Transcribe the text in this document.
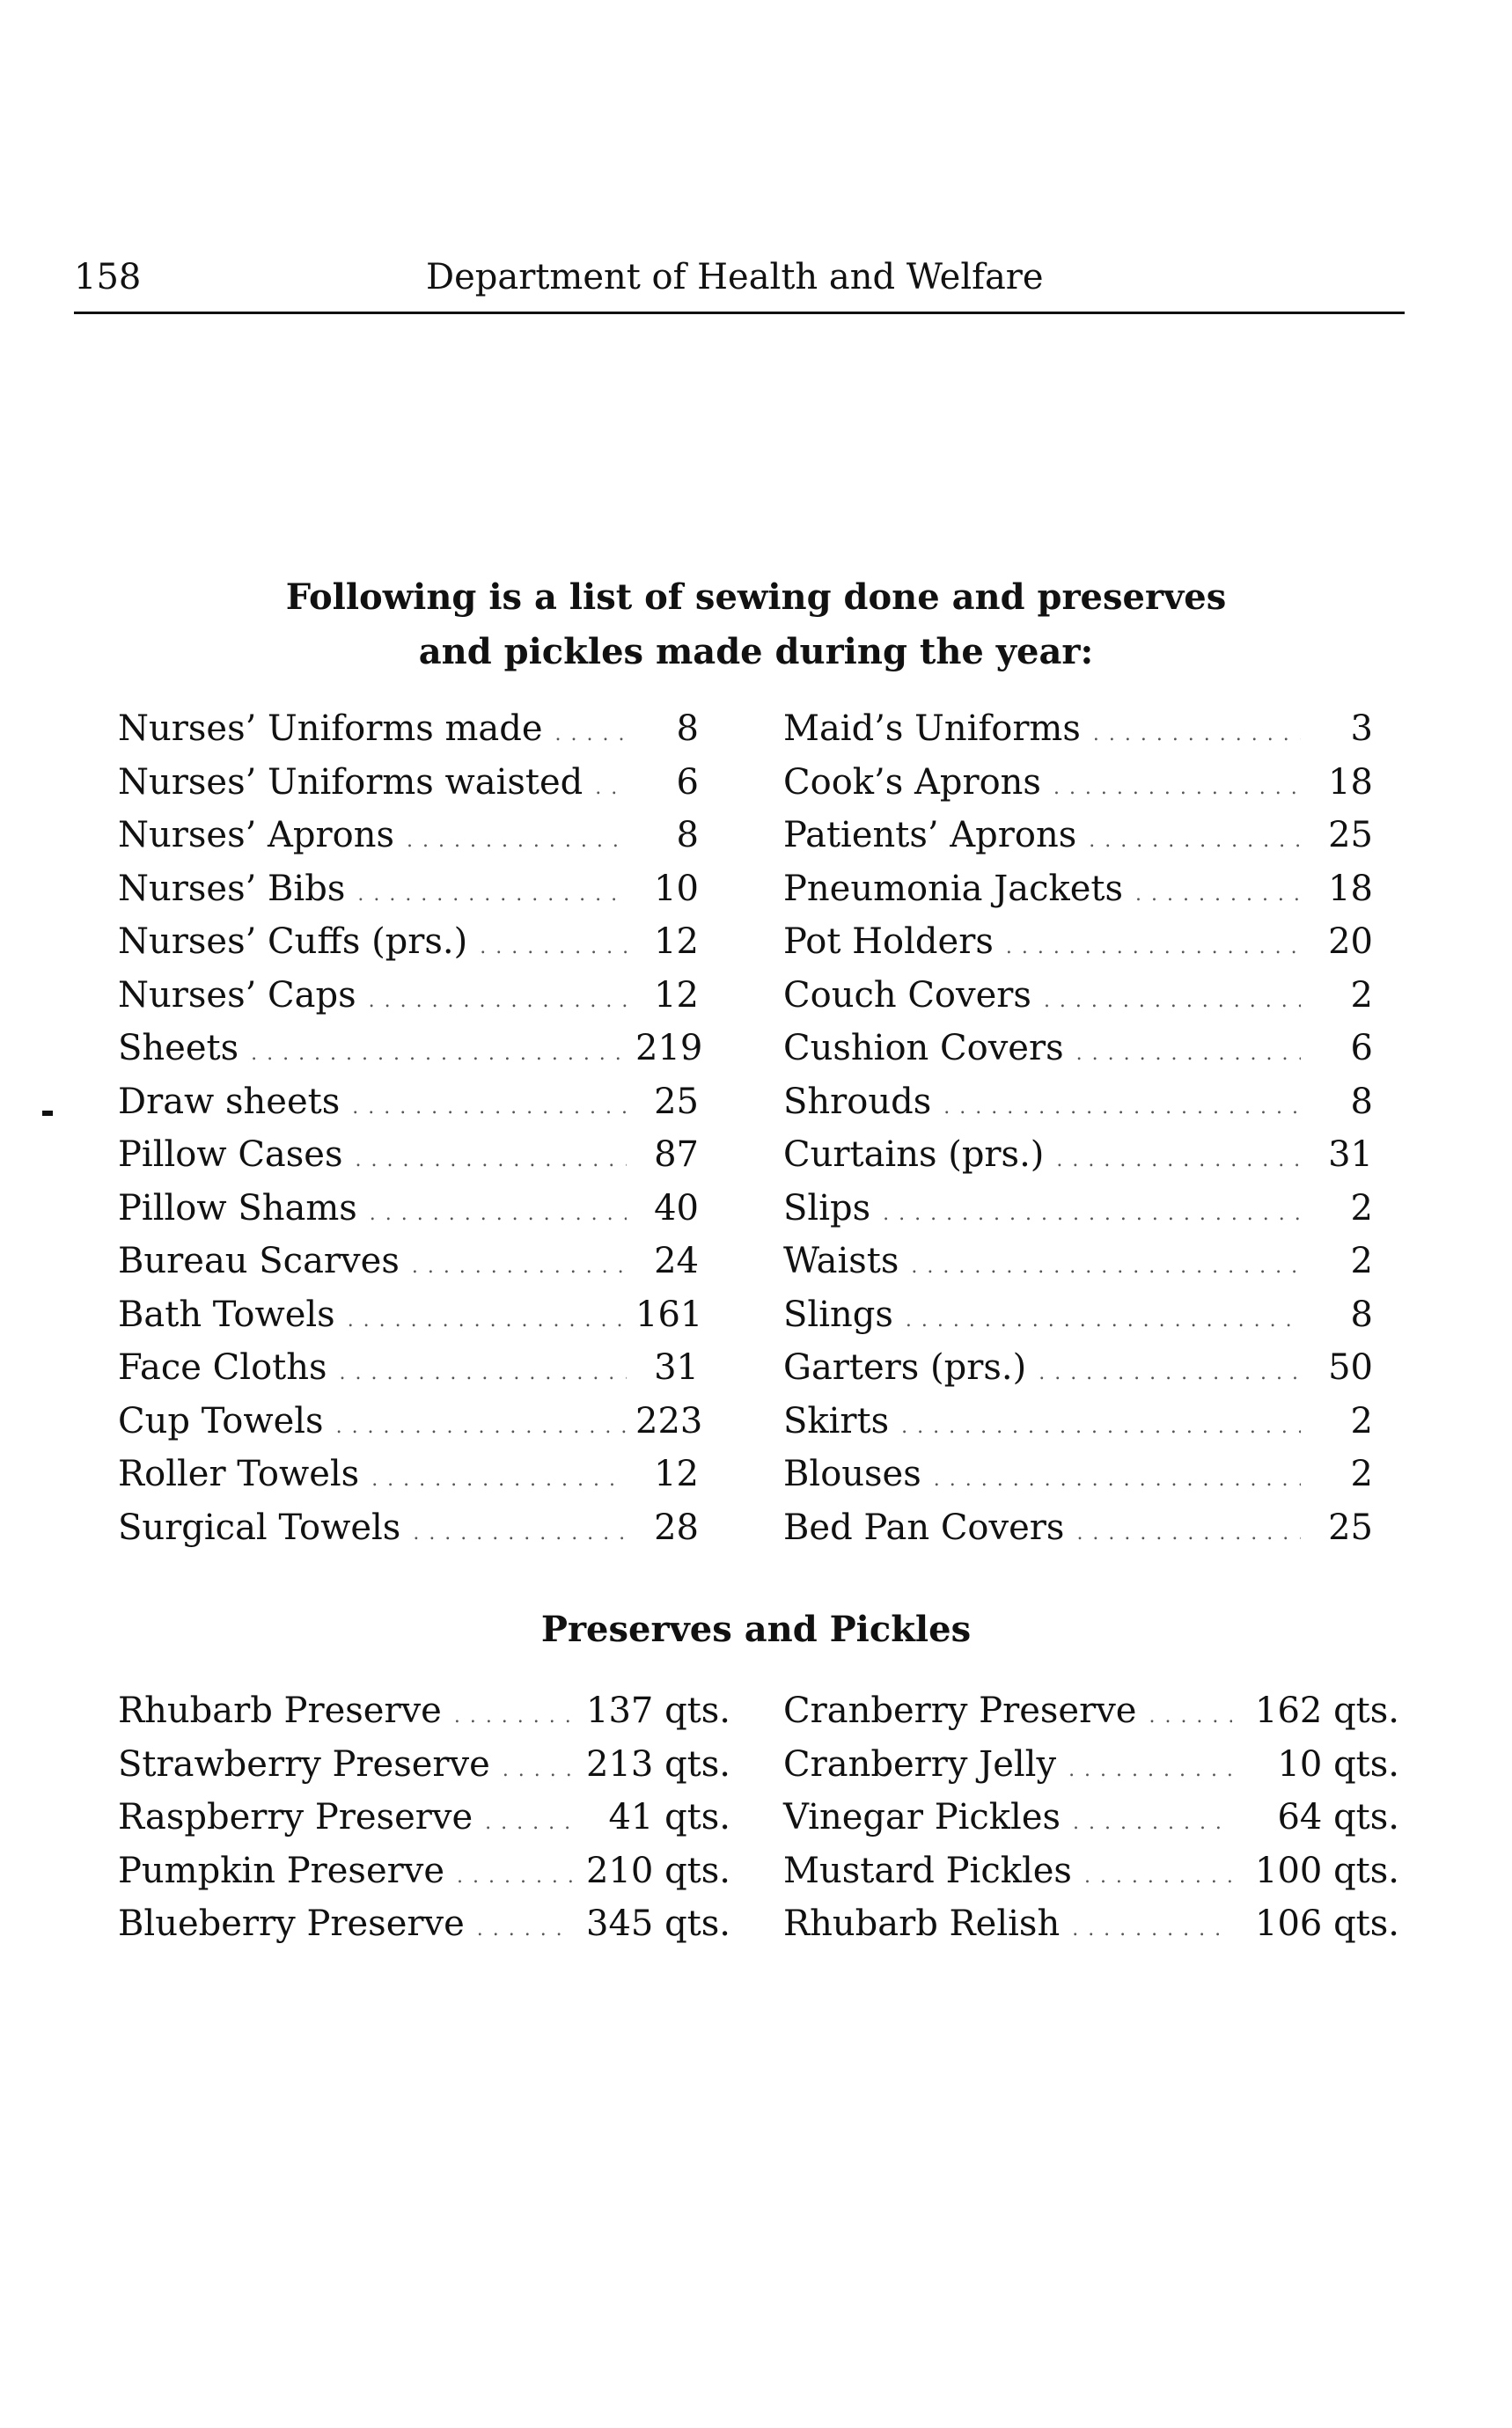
158	Department of Health and Welfare
Following is a list of sewing done and preserves
and pickles made during the year:
Nurses’ Uniforms made . . .	8
Nurses’ Uniforms waisted . . .	6
Nurses’ Aprons . . .	8
Nurses’ Bibs . . .	10
Nurses’ Cuffs (prs.) . . .	12
Nurses’ Caps . . .	12
Sheets . . .	219
Draw sheets . . .	25
Pillow Cases . . .	87
Pillow Shams . . .	40
Bureau Scarves . . .	24
Bath Towels . . .	161
Face Cloths . . .	31
Cup Towels . . .	223
Roller Towels . . .	12
Surgical Towels . . .	28
Maid’s Uniforms . . .	3
Cook’s Aprons . . .	18
Patients’ Aprons . . .	25
Pneumonia Jackets . . .	18
Pot Holders . . .	20
Couch Covers . . .	2
Cushion Covers . . .	6
Shrouds . . .	8
Curtains (prs.) . . .	31
Slips . . .	2
Waists . . .	2
Slings . . .	8
Garters (prs.) . . .	50
Skirts . . .	2
Blouses . . .	2
Bed Pan Covers . . .	25
Preserves and Pickles
Rhubarb Preserve . . .	137 qts.
Strawberry Preserve . . .	213 qts.
Raspberry Preserve . . .	41 qts.
Pumpkin Preserve . . .	210 qts.
Blueberry Preserve . . .	345 qts.
Cranberry Preserve . . .	162 qts.
Cranberry Jelly . . .	10 qts.
Vinegar Pickles . . .	64 qts.
Mustard Pickles . . .	100 qts.
Rhubarb Relish . . .	106 qts.
